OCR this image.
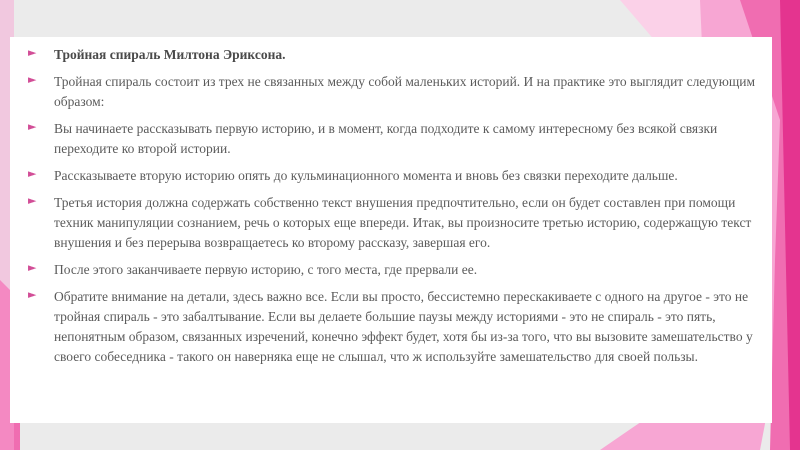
► Тройная спираль Милтона Эриксона.
► Тройная спираль состоит из трех не связанных между собой маленьких историй. И на практике это выглядит следующим образом:
► Вы начинаете рассказывать первую историю, и в момент, когда подходите к самому интересному без всякой связки переходите ко второй истории.
► Рассказываете вторую историю опять до кульминационного момента и вновь без связки переходите дальше.
► Третья история должна содержать собственно текст внушения предпочтительно, если он будет составлен при помощи техник манипуляции сознанием, речь о которых еще впереди. Итак, вы произносите третью историю, содержащую текст внушения и без перерыва возвращаетесь ко второму рассказу, завершая его.
► После этого заканчиваете первую историю, с того места, где прервали ее.
► Обратите внимание на детали, здесь важно все. Если вы просто, бессистемно перескакиваете с одного на другое - это не тройная спираль - это забалтывание. Если вы делаете большие паузы между историями - это не спираль - это пять, непонятным образом, связанных изречений, конечно эффект будет, хотя бы из-за того, что вы вызовите замешательство у своего собеседника - такого он наверняка еще не слышал, что ж используйте замешательство для своей пользы.
